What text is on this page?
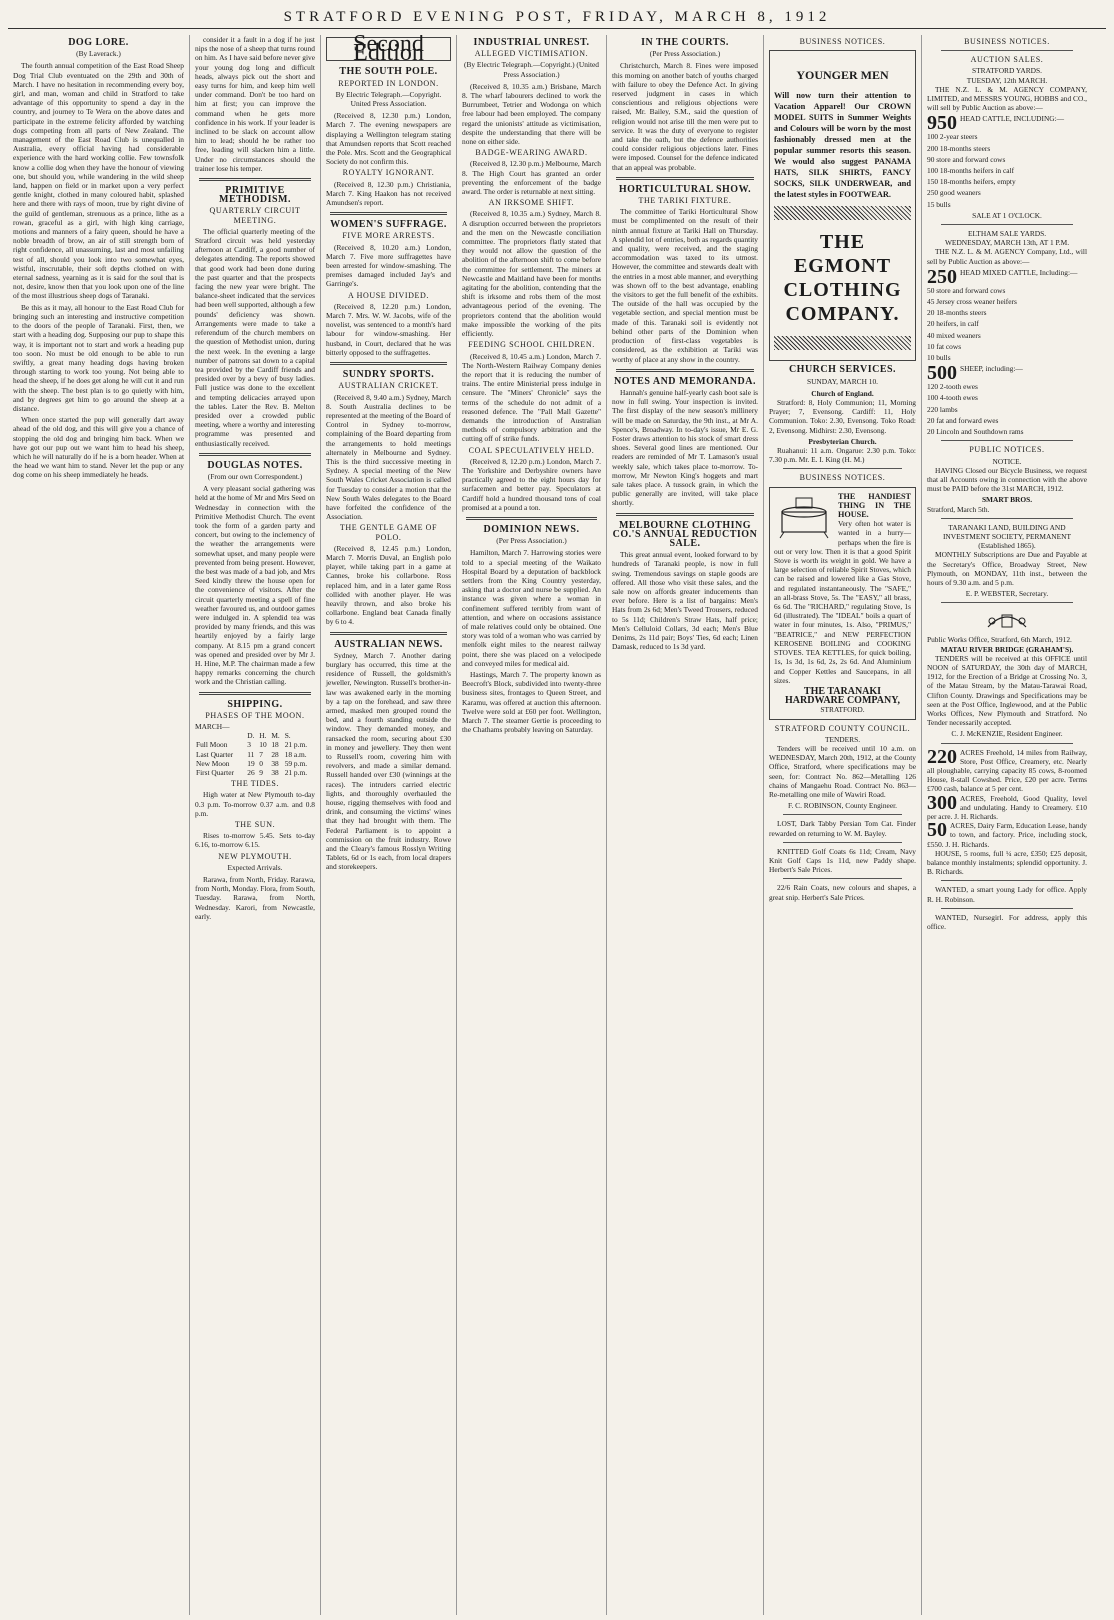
STRATFORD EVENING POST, FRIDAY, MARCH 8, 1912
DOG LORE.
(By Laverack.)

The fourth annual competition of the East Road Sheep Dog Trial Club eventuated on the 29th and 30th of March. I have no hesitation in recommending every boy, girl, and man, woman and child in Stratford to take advantage of this opportunity to spend a day in the country, and journey to Te Wera on the above dates and participate in the extreme felicity afforded by watching dogs competing from all parts of New Zealand. The management of the East Road Club is unequalled in Australia, every official having had considerable experience with the hard working collie. Few townsfolk know a collie dog when they have the honour of viewing one, but should you, while wandering in the wild sheep land, happen on field or in market upon a very perfect gentle knight, clothed in many coloured habit, splashed here and there with rays of moon, true by right divine of the guild of gentleman, strenuous as a prince, lithe as a rowan, graceful as a girl, with high king carriage, motions and manners of a fairy queen, should he have a noble breadth of brow, an air of still strength born of right confidence, all unassuming, last and most unfailing test of all, should you look into two somewhat eyes, wistful, inscrutable, their soft depths clothed on with eternal sadness, yearning as it is said for the soul that is not, desire, know then that you look upon one of the line of the most illustrious sheep dogs of Taranaki.

Be this as it may, all honour to the East Road Club for bringing such an interesting and instructive competition to the doors of the people of Taranaki. First, then, we start with a heading dog. Supposing our pup to shape this way, it is important not to start and work a heading pup too soon. No must be old enough to be able to run swiftly, a great many heading dogs having broken through starting to work too young. Not being able to head the sheep, if he does get along he will cut it and run with the sheep. The best plan is to go quietly with him, and by degrees get him to go around the sheep at a distance.

When once started the pup will generally dart away ahead of the old dog, and this will give you a chance of stopping the old dog and bringing him back. When we have got our pup out we want him to head his sheep, which he will naturally do if he is a born header. When at the head we want him to stand. Never let the pup or any dog come on his sheep immediately he heads.

consider it a fault in a dog if he just nips the nose of a sheep that turns round on him. As I have said before never give your young dog long and difficult heads, always pick out the short and easy turns for him, and keep him well under command. Don't be too hard on him at first; you can improve the command when he gets more confidence in his work. If your leader is inclined to be slack on account allow him to lead; should he be rather too free, leading will slacken him a little. Under no circumstances should the trainer lose his temper.

PRIMITIVE METHODISM.
QUARTERLY CIRCUIT MEETING.

The official quarterly meeting of the Stratford circuit was held yesterday afternoon at Cardiff, a good number of delegates attending. The reports showed that good work had been done during the past quarter and that the prospects facing the new year were bright. The balance-sheet indicated that the services had been well supported, although a few pounds' deficiency was shown. Arrangements were made to take a referendum of the church members on the question of Methodist union, during the next week. In the evening a large number of patrons sat down to a capital tea provided by the Cardiff friends and presided over by a bevy of busy ladies. Full justice was done to the excellent and tempting delicacies arrayed upon the tables. Later the Rev. B. Melton presided over a crowded public meeting, where a worthy and interesting programme was presented and enthusiastically received.

DOUGLAS NOTES.
(From our own Correspondent.)

A very pleasant social gathering was held at the home of Mr and Mrs Seed on Wednesday in connection with the Primitive Methodist Church. The event took the form of a garden party and concert, but owing to the inclemency of the weather the arrangements were somewhat upset, and many people were prevented from being present. However, the best was made of a bad job, and Mrs Seed kindly threw the house open for the convenience of visitors. After the circuit quarterly meeting a spell of fine weather favoured us, and outdoor games were indulged in. A splendid tea was provided by many friends, and this was heartily enjoyed by a fairly large company. At 8.15 pm a grand concert was opened and presided over by Mr J. H. Hine, M.P. The chairman made a few happy remarks concerning the church work and the Christian calling.

SHIPPING.
PHASES OF THE MOON.
MARCH—
	D.	H.	M.	S.
Full Moon	3	10	18	21 p.m.
Last Quarter	11	7	28	18 a.m.
New Moon	19	0	38	59 p.m.
First Quarter	26	9	38	21 p.m.
THE TIDES.

High water at New Plymouth to-day 0.3 p.m. To-morrow 0.37 a.m. and 0.8 p.m.

THE SUN.

Rises to-morrow 5.45. Sets to-day 6.16, to-morrow 6.15.

NEW PLYMOUTH.
Expected Arrivals.

Rarawa, from North, Friday. Rarawa, from North, Monday. Flora, from South, Tuesday. Rarawa, from North, Wednesday. Karori, from Newcastle, early.

Second Edition
THE SOUTH POLE.
REPORTED IN LONDON.
By Electric Telegraph.—Copyright. United Press Association.

(Received 8, 12.30 p.m.) London, March 7. The evening newspapers are displaying a Wellington telegram stating that Amundsen reports that Scott reached the Pole. Mrs. Scott and the Geographical Society do not confirm this.

ROYALTY IGNORANT.

(Received 8, 12.30 p.m.) Christiania, March 7. King Haakon has not received Amundsen's report.

WOMEN'S SUFFRAGE.
FIVE MORE ARRESTS.

(Received 8, 10.20 a.m.) London, March 7. Five more suffragettes have been arrested for window-smashing. The premises damaged included Jay's and Garringe's.

A HOUSE DIVIDED.

(Received 8, 12.20 p.m.) London, March 7. Mrs. W. W. Jacobs, wife of the novelist, was sentenced to a month's hard labour for window-smashing. Her husband, in Court, declared that he was bitterly opposed to the suffragettes.

SUNDRY SPORTS.
AUSTRALIAN CRICKET.

(Received 8, 9.40 a.m.) Sydney, March 8. South Australia declines to be represented at the meeting of the Board of Control in Sydney to-morrow, complaining of the Board departing from the arrangements to hold meetings alternately in Melbourne and Sydney. This is the third successive meeting in Sydney. A special meeting of the New South Wales Cricket Association is called for Tuesday to consider a motion that the New South Wales delegates to the Board have forfeited the confidence of the Association.

THE GENTLE GAME OF POLO.

(Received 8, 12.45 p.m.) London, March 7. Morris Duval, an English polo player, while taking part in a game at Cannes, broke his collarbone. Ross replaced him, and in a later game Ross collided with another player. He was heavily thrown, and also broke his collarbone. England beat Canada finally by 6 to 4.

AUSTRALIAN NEWS.

Sydney, March 7. Another daring burglary has occurred, this time at the residence of Russell, the goldsmith's jeweller, Newington. Russell's brother-in-law was awakened early in the morning by a tap on the forehead, and saw three armed, masked men grouped round the bed, and a fourth standing outside the window. They demanded money, and ransacked the room, securing about £30 in money and jewellery. They then went to Russell's room, covering him with revolvers, and made a similar demand. Russell handed over £30 (winnings at the races). The intruders carried electric lights, and thoroughly overhauled the house, rigging themselves with food and drink, and consuming the victims' wines that they had brought with them. The Federal Parliament is to appoint a commission on the fruit industry. Rowe and the Cleary's famous Rosslyn Writing Tablets, 6d or 1s each, from local drapers and storekeepers.

INDUSTRIAL UNREST.
ALLEGED VICTIMISATION.
(By Electric Telegraph.—Copyright.) (United Press Association.)

(Received 8, 10.35 a.m.) Brisbane, March 8. The wharf labourers declined to work the Burrumbeet, Tetrier and Wodonga on which free labour had been employed. The company regard the unionists' attitude as victimisation, despite the understanding that there will be none on either side.

BADGE-WEARING AWARD.

(Received 8, 12.30 p.m.) Melbourne, March 8. The High Court has granted an order preventing the enforcement of the badge award. The order is returnable at next sitting.

AN IRKSOME SHIFT.

(Received 8, 10.35 a.m.) Sydney, March 8. A disruption occurred between the proprietors and the men on the Newcastle conciliation committee. The proprietors flatly stated that they would not allow the question of the abolition of the afternoon shift to come before the committee for settlement. The miners at Newcastle and Maitland have been for months agitating for the abolition, contending that the shift is irksome and robs them of the most advantageous period of the evening. The proprietors contend that the abolition would make impossible the working of the pits efficiently.

FEEDING SCHOOL CHILDREN.

(Received 8, 10.45 a.m.) London, March 7. The North-Western Railway Company denies the report that it is reducing the number of trains. The entire Ministerial press indulge in censure. The "Miners' Chronicle" says the terms of the schedule do not admit of a reasoned defence. The "Pall Mall Gazette" demands the introduction of Australian methods of compulsory arbitration and the cutting off of strike funds.

COAL SPECULATIVELY HELD.

(Received 8, 12.20 p.m.) London, March 7. The Yorkshire and Derbyshire owners have practically agreed to the eight hours day for surfacemen and better pay. Speculators at Cardiff hold a hundred thousand tons of coal promised at a pound a ton.

DOMINION NEWS.
(Per Press Association.)

Hamilton, March 7. Harrowing stories were told to a special meeting of the Waikato Hospital Board by a deputation of backblock settlers from the King Country yesterday, asking that a doctor and nurse be supplied. An instance was given where a woman in confinement suffered terribly from want of attention, and where on occasions assistance of male relatives could only be obtained. One story was told of a woman who was carried by menfolk eight miles to the nearest railway point, there she was placed on a velocipede and conveyed miles for medical aid.

Hastings, March 7. The property known as Beecroft's Block, subdivided into twenty-three business sites, frontages to Queen Street, and Karamu, was offered at auction this afternoon. Twelve were sold at £60 per foot. Wellington, March 7. The steamer Gertie is proceeding to the Chathams probably leaving on Saturday.

IN THE COURTS.
(Per Press Association.)

Christchurch, March 8. Fines were imposed this morning on another batch of youths charged with failure to obey the Defence Act. In giving reserved judgment in cases in which conscientious and religious objections were raised, Mr. Bailey, S.M., said the question of religion would not arise till the men were put to service. It was the duty of everyone to register and take the oath, but the defence authorities could consider religious objections later. Fines were imposed. Counsel for the defence indicated that an appeal was probable.

HORTICULTURAL SHOW.
THE TARIKI FIXTURE.

The committee of Tariki Horticultural Show must be complimented on the result of their ninth annual fixture at Tariki Hall on Thursday. A splendid lot of entries, both as regards quantity and quality, were received, and the staging accommodation was taxed to its utmost. However, the committee and stewards dealt with the entries in a most able manner, and everything was shown off to the best advantage, enabling the visitors to get the full benefit of the exhibits. The outside of the hall was occupied by the vegetable section, and special mention must be made of this. Taranaki soil is evidently not behind other parts of the Dominion when production of first-class vegetables is considered, as the exhibition at Tariki was worthy of place at any show in the country.

NOTES AND MEMORANDA.

Hannah's genuine half-yearly cash boot sale is now in full swing. Your inspection is invited. The first display of the new season's millinery will be made on Saturday, the 9th inst., at Mr A. Spence's, Broadway. In to-day's issue, Mr E. G. Foster draws attention to his stock of smart dress shoes. Several good lines are mentioned. Our readers are reminded of Mr T. Lamason's usual weekly sale, which takes place to-morrow. To-morrow, Mr Newton King's hoggets and mart sale takes place. A tussock grain, in which the public generally are invited, will take place shortly.

MELBOURNE CLOTHING CO.'S ANNUAL REDUCTION SALE.

This great annual event, looked forward to by hundreds of Taranaki people, is now in full swing. Tremendous savings on staple goods are offered. All those who visit these sales, and the sale now on affords greater inducements than ever before. Here is a list of bargains: Men's Hats from 2s 6d; Men's Tweed Trousers, reduced to 5s 11d; Children's Straw Hats, half price; Men's Celluloid Collars, 3d each; Men's Blue Denims, 2s 11d pair; Boys' Ties, 6d each; Linen Damask, reduced to 1s 3d yard.

BUSINESS NOTICES.
YOUNGER MEN

Will now turn their attention to Vacation Apparel! Our CROWN MODEL SUITS in Summer Weights and Colours will be worn by the most fashionably dressed men at the popular summer resorts this season. We would also suggest PANAMA HATS, SILK SHIRTS, FANCY SOCKS, SILK UNDERWEAR, and the latest styles in FOOTWEAR.

THE EGMONT CLOTHING COMPANY.
CHURCH SERVICES.
SUNDAY, MARCH 10.
Church of England.

Stratford: 8, Holy Communion; 11, Morning Prayer; 7, Evensong. Cardiff: 11, Holy Communion. Toko: 2.30, Evensong. Toko Road: 2, Evensong. Midhirst: 2.30, Evensong.

Presbyterian Church.

Ruahanui: 11 a.m. Ongarue: 2.30 p.m. Toko: 7.30 p.m. Mr. E. I. King (H. M.)

BUSINESS NOTICES.
THE HANDIEST THING IN THE HOUSE.

Very often hot water is wanted in a hurry—perhaps when the fire is out or very low. Then it is that a good Spirit Stove is worth its weight in gold. We have a large selection of reliable Spirit Stoves, which can be raised and lowered like a Gas Stove, and regulated instantaneously. The "SAFE," an all-brass Stove, 5s. The "EASY," all brass, 6s 6d. The "RICHARD," regulating Stove, 1s 6d (illustrated). The "IDEAL" boils a quart of water in four minutes, 1s. Also, "PRIMUS," "BEATRICE," and NEW PERFECTION KEROSENE BOILING and COOKING STOVES. TEA KETTLES, for quick boiling, 1s, 1s 3d, 1s 6d, 2s, 2s 6d. And Aluminium and Copper Kettles and Saucepans, in all sizes.

THE TARANAKI HARDWARE COMPANY,
STRATFORD.
STRATFORD COUNTY COUNCIL.
TENDERS.

Tenders will be received until 10 a.m. on WEDNESDAY, March 20th, 1912, at the County Office, Stratford, where specifications may be seen, for: Contract No. 862—Metalling 126 chains of Mangaehu Road. Contract No. 863—Re-metalling one mile of Wawiri Road.

F. C. ROBINSON, County Engineer.

LOST, Dark Tabby Persian Tom Cat. Finder rewarded on returning to W. M. Bayley.

KNITTED Golf Coats 6s 11d; Cream, Navy Knit Golf Caps 1s 11d, new Paddy shape. Herbert's Sale Prices.

22/6 Rain Coats, new colours and shapes, a great snip. Herbert's Sale Prices.

BUSINESS NOTICES.
AUCTION SALES.
STRATFORD YARDS.
TUESDAY, 12th MARCH.

THE N.Z. L. & M. AGENCY COMPANY, LIMITED, and MESSRS YOUNG, HOBBS and CO., will sell by Public Auction as above:—

950 HEAD CATTLE, INCLUDING:—
100 2-year steers
200 18-months steers
90 store and forward cows
100 18-months heifers in calf
150 18-months heifers, empty
250 good weaners
15 bulls
SALE AT 1 O'CLOCK.
ELTHAM SALE YARDS.
WEDNESDAY, MARCH 13th, AT 1 P.M.

THE N.Z. L. & M. AGENCY Company, Ltd., will sell by Public Auction as above:—

250 HEAD MIXED CATTLE, Including:—
50 store and forward cows
45 Jersey cross weaner heifers
20 18-months steers
20 heifers, in calf
40 mixed weaners
10 fat cows
10 bulls
500 SHEEP, including:—
120 2-tooth ewes
100 4-tooth ewes
220 lambs
20 fat and forward ewes
20 Lincoln and Southdown rams
PUBLIC NOTICES.
NOTICE.

HAVING Closed our Bicycle Business, we request that all Accounts owing in connection with the above must be PAID before the 31st MARCH, 1912.

SMART BROS.
Stratford, March 5th.
TARANAKI LAND, BUILDING AND INVESTMENT SOCIETY, PERMANENT (Established 1865).

MONTHLY Subscriptions are Due and Payable at the Secretary's Office, Broadway Street, New Plymouth, on MONDAY, 11th inst., between the hours of 9.30 a.m. and 5 p.m.

E. P. WEBSTER, Secretary.
Public Works Office, Stratford, 6th March, 1912.
MATAU RIVER BRIDGE (GRAHAM'S).

TENDERS will be received at this OFFICE until NOON of SATURDAY, the 30th day of MARCH, 1912, for the Erection of a Bridge at Crossing No. 3, of the Matau Stream, by the Matau-Tarawai Road, Clifton County. Drawings and Specifications may be seen at the Post Office, Inglewood, and at the Public Works Offices, New Plymouth and Stratford. No Tender necessarily accepted.

C. J. McKENZIE, Resident Engineer.
220 ACRES Freehold, 14 miles from Railway, Store, Post Office, Creamery, etc. Nearly all ploughable, carrying capacity 85 cows, 8-roomed House, 8-stall Cowshed. Price, £20 per acre. Terms £700 cash, balance at 5 per cent.
300 ACRES, Freehold, Good Quality, level and undulating. Handy to Creamery. £10 per acre. J. H. Richards.
50 ACRES, Dairy Farm, Education Lease, handy to town, and factory. Price, including stock, £550. J. H. Richards.

HOUSE, 5 rooms, full ¼ acre, £350; £25 deposit, balance monthly instalments; splendid opportunity. J. B. Richards.

WANTED, a smart young Lady for office. Apply R. H. Robinson.

WANTED, Nursegirl. For address, apply this office.
